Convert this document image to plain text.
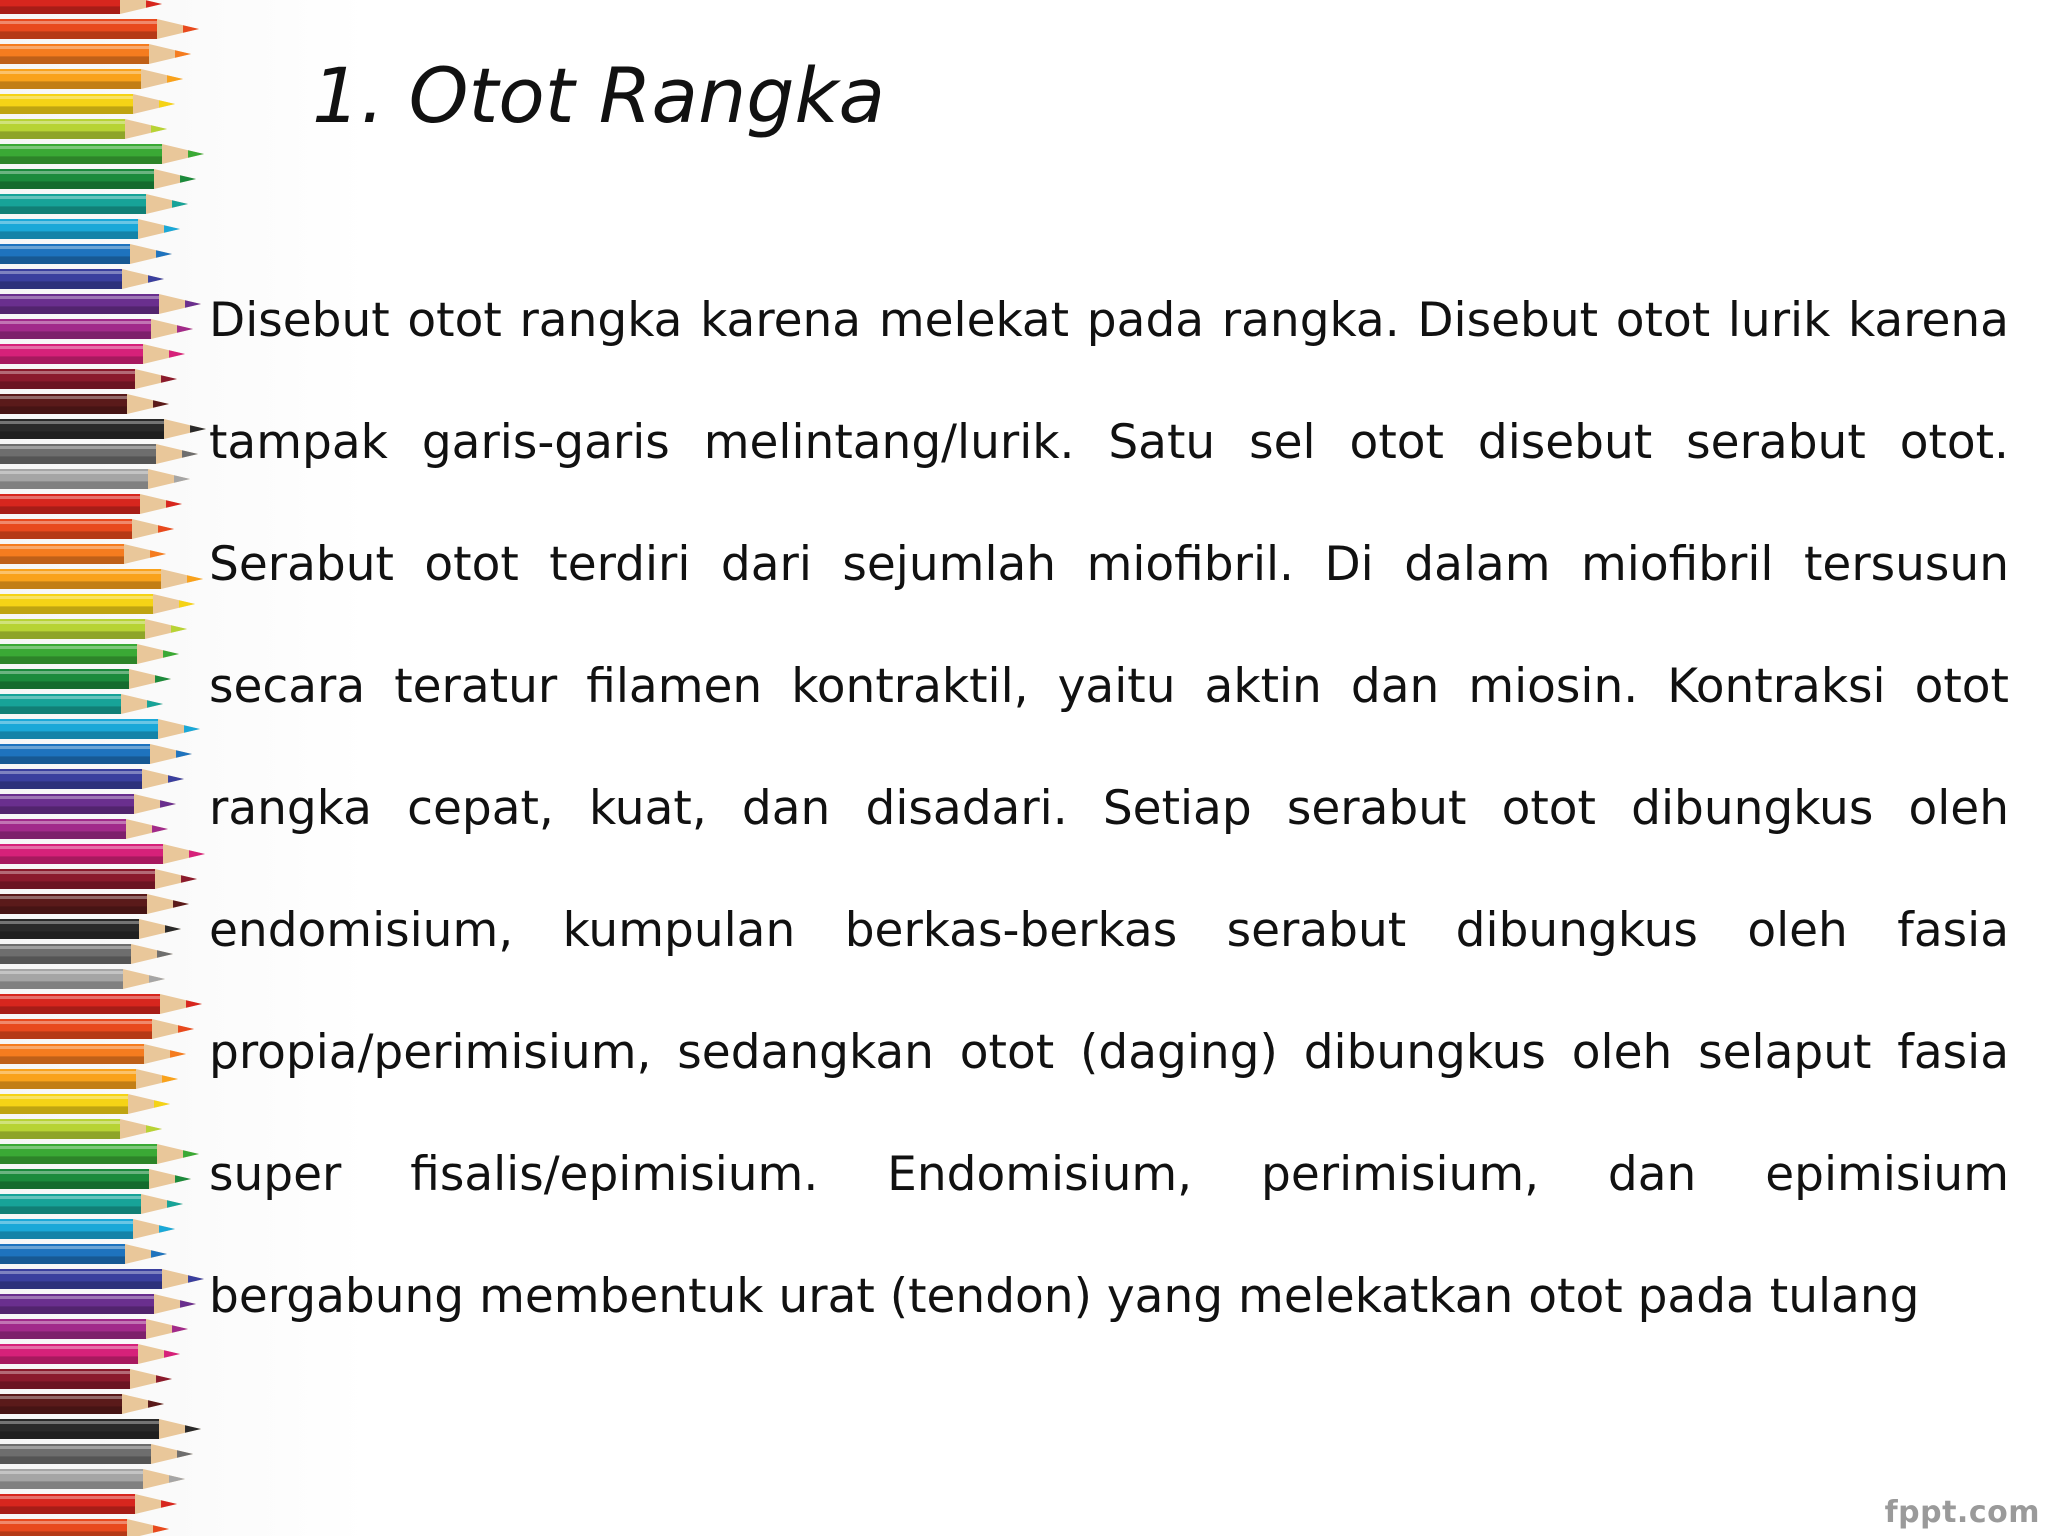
1. Otot Rangka

Disebut otot rangka karena melekat pada rangka. Disebut otot lurik karena tampak garis-garis melintang/lurik. Satu sel otot disebut serabut otot. Serabut otot terdiri dari sejumlah miofibril. Di dalam miofibril tersusun secara teratur filamen kontraktil, yaitu aktin dan miosin. Kontraksi otot rangka cepat, kuat, dan disadari. Setiap serabut otot dibungkus oleh endomisium, kumpulan berkas-berkas serabut dibungkus oleh fasia propia/perimisium, sedangkan otot (daging) dibungkus oleh selaput fasia super fisalis/epimisium. Endomisium, perimisium, dan epimisium bergabung membentuk urat (tendon) yang melekatkan otot pada tulang

fppt.com
